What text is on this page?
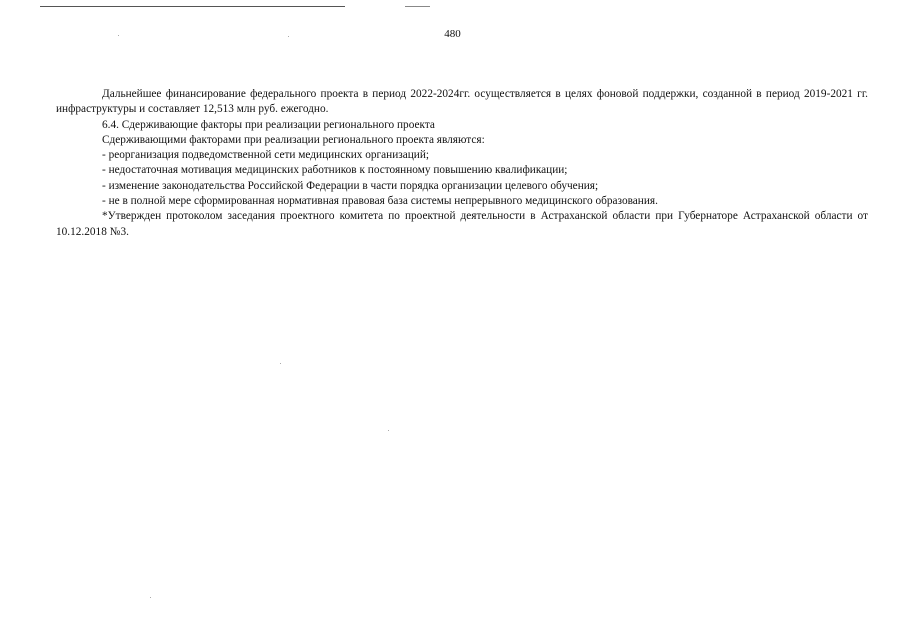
480

Дальнейшее финансирование федерального проекта в период 2022-2024гг. осуществляется в целях фоновой поддержки, созданной в период 2019-2021 гг. инфраструктуры и составляет 12,513 млн руб. ежегодно.

6.4. Сдерживающие факторы при реализации регионального проекта

Сдерживающими факторами при реализации регионального проекта являются:

- реорганизация подведомственной сети медицинских организаций;

- недостаточная мотивация медицинских работников к постоянному повышению квалификации;

- изменение законодательства Российской Федерации в части порядка организации целевого обучения;

- не в полной мере сформированная нормативная правовая база системы непрерывного медицинского образования.

*Утвержден протоколом заседания проектного комитета по проектной деятельности в Астраханской области при Губернаторе Астраханской области от 10.12.2018 №3.
